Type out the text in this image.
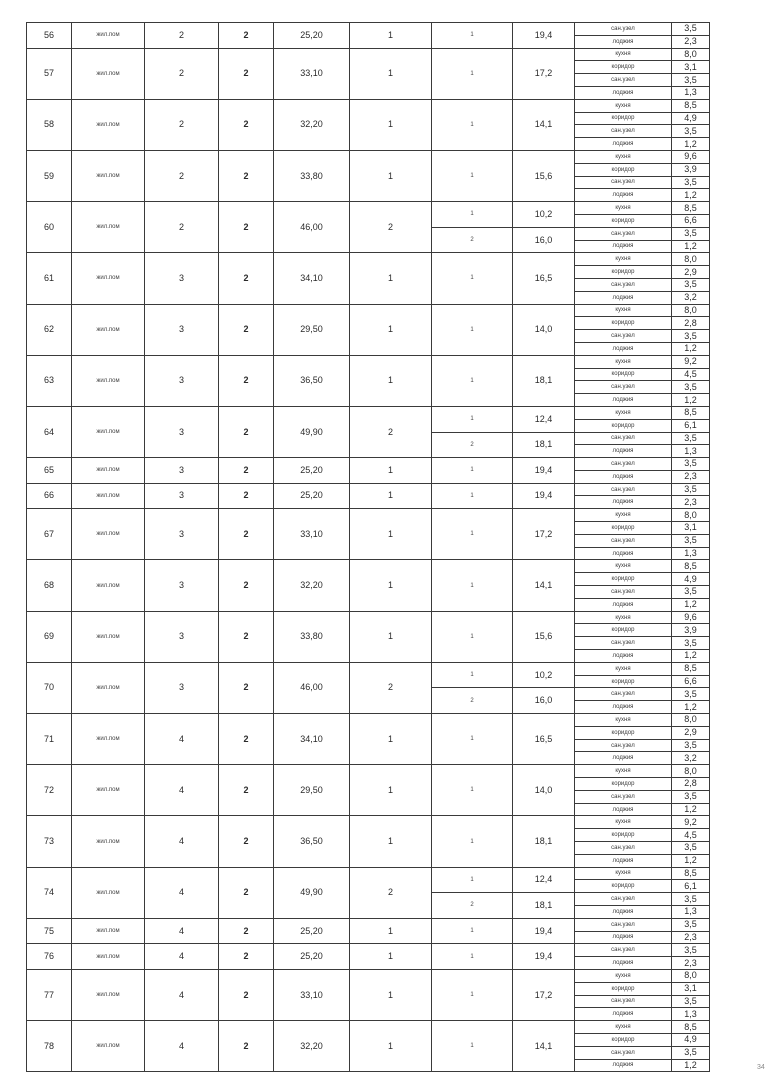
56	жил.пом	2	2	25,20	1	1	19,4	сан.узел	3,5
								лоджия	2,3
57	жил.пом	2	2	33,10	1	1	17,2	кухня	8,0
								коридор	3,1
								сан.узел	3,5
								лоджия	1,3
58	жил.пом	2	2	32,20	1	1	14,1	кухня	8,5
								коридор	4,9
								сан.узел	3,5
								лоджия	1,2
59	жил.пом	2	2	33,80	1	1	15,6	кухня	9,6
								коридор	3,9
								сан.узел	3,5
								лоджия	1,2
60	жил.пом	2	2	46,00	2	1	10,2	кухня	8,5
								коридор	6,6
						2	16,0	сан.узел	3,5
								лоджия	1,2
61	жил.пом	3	2	34,10	1	1	16,5	кухня	8,0
								коридор	2,9
								сан.узел	3,5
								лоджия	3,2
62	жил.пом	3	2	29,50	1	1	14,0	кухня	8,0
								коридор	2,8
								сан.узел	3,5
								лоджия	1,2
63	жил.пом	3	2	36,50	1	1	18,1	кухня	9,2
								коридор	4,5
								сан.узел	3,5
								лоджия	1,2
64	жил.пом	3	2	49,90	2	1	12,4	кухня	8,5
								коридор	6,1
						2	18,1	сан.узел	3,5
								лоджия	1,3
65	жил.пом	3	2	25,20	1	1	19,4	сан.узел	3,5
								лоджия	2,3
66	жил.пом	3	2	25,20	1	1	19,4	сан.узел	3,5
								лоджия	2,3
67	жил.пом	3	2	33,10	1	1	17,2	кухня	8,0
								коридор	3,1
								сан.узел	3,5
								лоджия	1,3
68	жил.пом	3	2	32,20	1	1	14,1	кухня	8,5
								коридор	4,9
								сан.узел	3,5
								лоджия	1,2
69	жил.пом	3	2	33,80	1	1	15,6	кухня	9,6
								коридор	3,9
								сан.узел	3,5
								лоджия	1,2
70	жил.пом	3	2	46,00	2	1	10,2	кухня	8,5
								коридор	6,6
						2	16,0	сан.узел	3,5
								лоджия	1,2
71	жил.пом	4	2	34,10	1	1	16,5	кухня	8,0
								коридор	2,9
								сан.узел	3,5
								лоджия	3,2
72	жил.пом	4	2	29,50	1	1	14,0	кухня	8,0
								коридор	2,8
								сан.узел	3,5
								лоджия	1,2
73	жил.пом	4	2	36,50	1	1	18,1	кухня	9,2
								коридор	4,5
								сан.узел	3,5
								лоджия	1,2
74	жил.пом	4	2	49,90	2	1	12,4	кухня	8,5
								коридор	6,1
						2	18,1	сан.узел	3,5
								лоджия	1,3
75	жил.пом	4	2	25,20	1	1	19,4	сан.узел	3,5
								лоджия	2,3
76	жил.пом	4	2	25,20	1	1	19,4	сан.узел	3,5
								лоджия	2,3
77	жил.пом	4	2	33,10	1	1	17,2	кухня	8,0
								коридор	3,1
								сан.узел	3,5
								лоджия	1,3
78	жил.пом	4	2	32,20	1	1	14,1	кухня	8,5
								коридор	4,9
								сан.узел	3,5
								лоджия	1,2	34
